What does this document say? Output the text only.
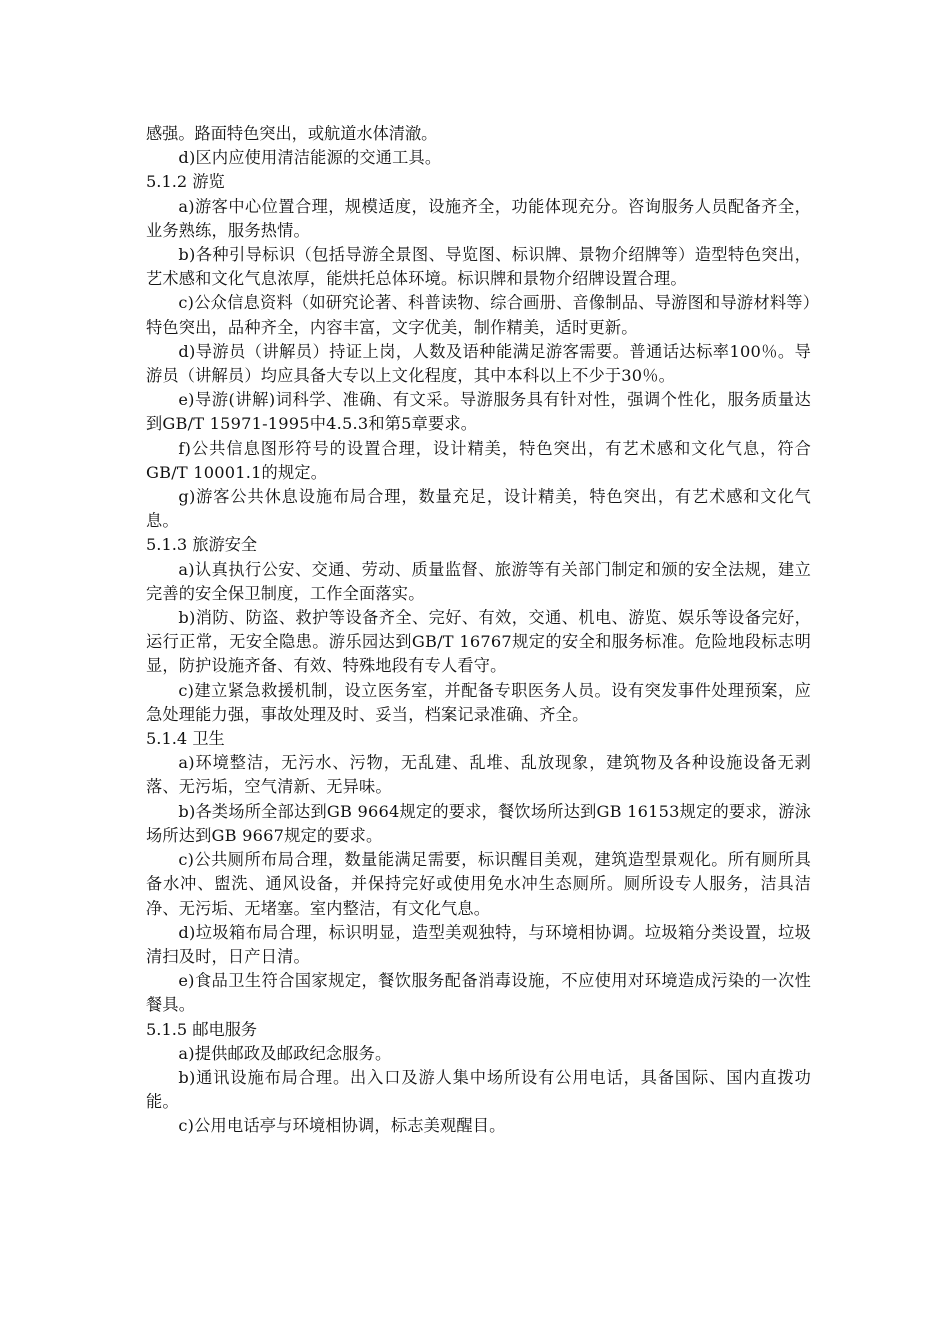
感强。路面特色突出，或航道水体清澈。

d)区内应使用清洁能源的交通工具。

5.1.2 游览

a)游客中心位置合理，规模适度，设施齐全，功能体现充分。咨询服务人员配备齐全，业务熟练，服务热情。

b)各种引导标识（包括导游全景图、导览图、标识牌、景物介绍牌等）造型特色突出，艺术感和文化气息浓厚，能烘托总体环境。标识牌和景物介绍牌设置合理。

c)公众信息资料（如研究论著、科普读物、综合画册、音像制品、导游图和导游材料等）特色突出，品种齐全，内容丰富，文字优美，制作精美，适时更新。

d)导游员（讲解员）持证上岗，人数及语种能满足游客需要。普通话达标率100％。导游员（讲解员）均应具备大专以上文化程度，其中本科以上不少于30％。

e)导游(讲解)词科学、准确、有文采。导游服务具有针对性，强调个性化，服务质量达到GB/T 15971-1995中4.5.3和第5章要求。

f)公共信息图形符号的设置合理，设计精美，特色突出，有艺术感和文化气息，符合GB/T 10001.1的规定。

g)游客公共休息设施布局合理，数量充足，设计精美，特色突出，有艺术感和文化气息。

5.1.3 旅游安全

a)认真执行公安、交通、劳动、质量监督、旅游等有关部门制定和颁的安全法规，建立完善的安全保卫制度，工作全面落实。

b)消防、防盗、救护等设备齐全、完好、有效，交通、机电、游览、娱乐等设备完好，运行正常，无安全隐患。游乐园达到GB/T 16767规定的安全和服务标准。危险地段标志明显，防护设施齐备、有效、特殊地段有专人看守。

c)建立紧急救援机制，设立医务室，并配备专职医务人员。设有突发事件处理预案，应急处理能力强，事故处理及时、妥当，档案记录准确、齐全。

5.1.4 卫生

a)环境整洁，无污水、污物，无乱建、乱堆、乱放现象，建筑物及各种设施设备无剥落、无污垢，空气清新、无异味。

b)各类场所全部达到GB 9664规定的要求，餐饮场所达到GB 16153规定的要求，游泳场所达到GB 9667规定的要求。

c)公共厕所布局合理，数量能满足需要，标识醒目美观，建筑造型景观化。所有厕所具备水冲、盥洗、通风设备，并保持完好或使用免水冲生态厕所。厕所设专人服务，洁具洁净、无污垢、无堵塞。室内整洁，有文化气息。

d)垃圾箱布局合理，标识明显，造型美观独特，与环境相协调。垃圾箱分类设置，垃圾清扫及时，日产日清。

e)食品卫生符合国家规定，餐饮服务配备消毒设施，不应使用对环境造成污染的一次性餐具。

5.1.5 邮电服务

a)提供邮政及邮政纪念服务。

b)通讯设施布局合理。出入口及游人集中场所设有公用电话，具备国际、国内直拨功能。

c)公用电话亭与环境相协调，标志美观醒目。
